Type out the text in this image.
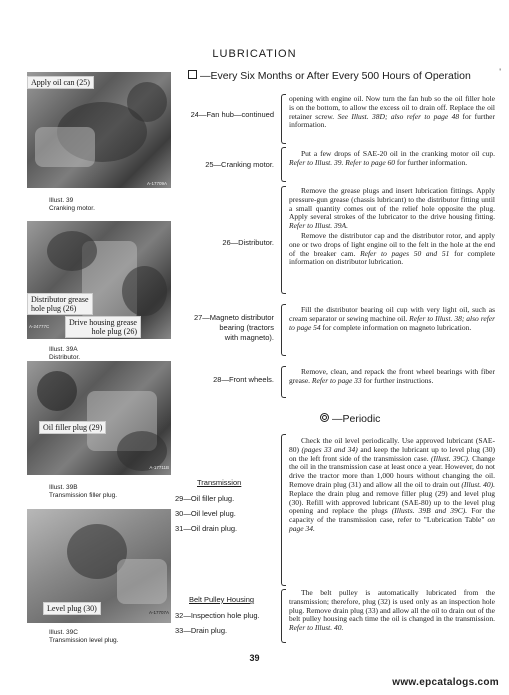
LUBRICATION
—Every Six Months or After Every 500 Hours of Operation	'
Apply oil can (25)
A-17709A
Illust. 39
Cranking motor.
Distributor grease
hole plug (26)
Drive housing grease
hole plug (26)
A-24777C
Illust. 39A
Distributor.
Oil filler plug (29)
A-17711B
Illust. 39B
Transmission filler plug.
Level plug (30)	A-17707A
Illust. 39C
Transmission level plug.
24—Fan hub—continued
25—Cranking motor.
26—Distributor.
27—Magneto distributor
bearing (tractors
with magneto).
28—Front wheels.
Transmission
29—Oil filler plug.
30—Oil level plug.
31—Oil drain plug.
Belt Pulley Housing
32—Inspection hole plug.
33—Drain plug.

opening with engine oil. Now turn the fan hub so the oil filler hole is on the bottom, to allow the excess oil to drain off. Replace the oil retainer screw. See Illust. 38D; also refer to page 48 for further information.

Put a few drops of SAE-20 oil in the cranking motor oil cup. Refer to Illust. 39. Refer to page 60 for further information.

Remove the grease plugs and insert lubrication fittings. Apply pressure-gun grease (chassis lubricant) to the distributor fitting until a small quantity comes out of the relief hole opposite the plug. Apply several strokes of the lubricator to the drive housing fitting. Refer to Illust. 39A.

Remove the distributor cap and the distributor rotor, and apply one or two drops of light engine oil to the felt in the hole at the end of the breaker cam. Refer to pages 50 and 51 for complete information on distributor lubrication.

Fill the distributor bearing oil cup with very light oil, such as cream separator or sewing machine oil. Refer to Illust. 38; also refer to page 54 for complete information on magneto lubrication.

Remove, clean, and repack the front wheel bearings with fiber grease. Refer to page 33 for further instructions.

—Periodic

Check the oil level periodically. Use approved lubricant (SAE-80) (pages 33 and 34) and keep the lubricant up to level plug (30) on the left front side of the transmission case. (Illust. 39C). Change the oil in the transmission case at least once a year. However, do not drive the tractor more than 1,000 hours without changing the oil. Remove drain plug (31) and allow all the oil to drain out (Illust. 40). Replace the drain plug and remove filler plug (29) and level plug (30). Refill with approved lubricant (SAE-80) up to the level plug opening and replace the plugs (Illusts. 39B and 39C). For the capacity of the transmission case, refer to "Lubrication Table" on page 34.

The belt pulley is automatically lubricated from the transmission; therefore, plug (32) is used only as an inspection hole plug. Remove drain plug (33) and allow all the oil to drain out of the belt pulley housing each time the oil is changed in the transmission. Refer to Illust. 40.

39
www.epcatalogs.com
